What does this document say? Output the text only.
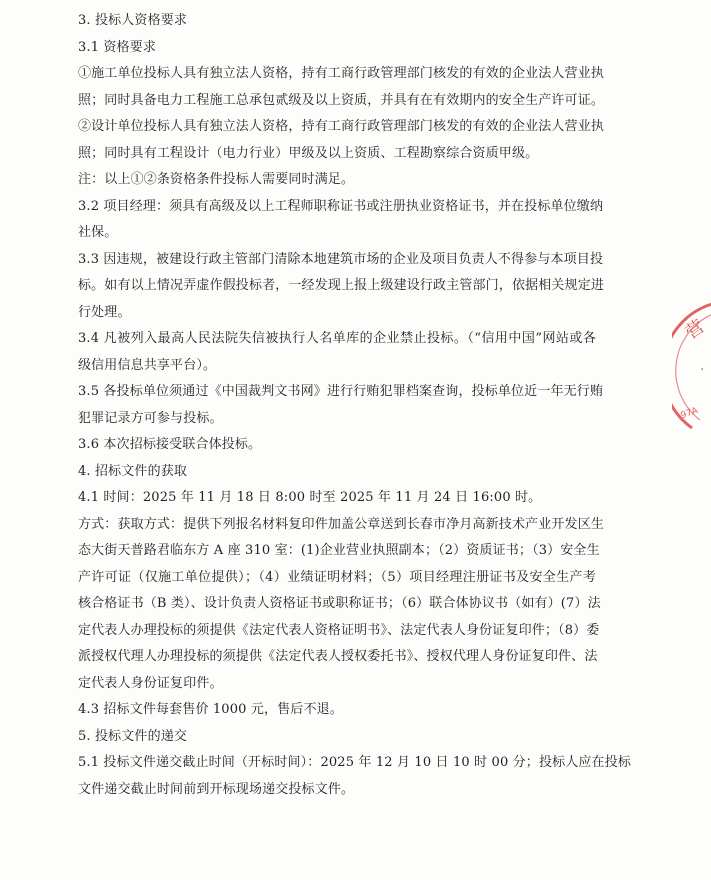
3. 投标人资格要求
3.1 资格要求
①施工单位投标人具有独立法人资格，持有工商行政管理部门核发的有效的企业法人营业执
照；同时具备电力工程施工总承包贰级及以上资质，并具有在有效期内的安全生产许可证。
②设计单位投标人具有独立法人资格，持有工商行政管理部门核发的有效的企业法人营业执
照；同时具有工程设计（电力行业）甲级及以上资质、工程勘察综合资质甲级。
注：以上①②条资格条件投标人需要同时满足。
3.2 项目经理：须具有高级及以上工程师职称证书或注册执业资格证书，并在投标单位缴纳
社保。
3.3 因违规，被建设行政主管部门清除本地建筑市场的企业及项目负责人不得参与本项目投
标。如有以上情况弄虚作假投标者，一经发现上报上级建设行政主管部门，依据相关规定进
行处理。
3.4 凡被列入最高人民法院失信被执行人名单库的企业禁止投标。（“信用中国”网站或各
级信用信息共享平台）。
3.5 各投标单位须通过《中国裁判文书网》进行行贿犯罪档案查询，投标单位近一年无行贿
犯罪记录方可参与投标。
3.6 本次招标接受联合体投标。
4. 招标文件的获取
4.1 时间：2025 年 11 月 18 日 8:00 时至 2025 年 11 月 24 日 16:00 时。
方式：获取方式：提供下列报名材料复印件加盖公章送到长春市净月高新技术产业开发区生
态大街天普路君临东方 A 座 310 室：(1)企业营业执照副本；（2）资质证书；（3）安全生
产许可证（仅施工单位提供）；（4）业绩证明材料；（5）项目经理注册证书及安全生产考
核合格证书（B 类）、设计负责人资格证书或职称证书；（6）联合体协议书（如有）(7）法
定代表人办理投标的须提供《法定代表人资格证明书》、法定代表人身份证复印件；（8）委
派授权代理人办理投标的须提供《法定代表人授权委托书》、授权代理人身份证复印件、法
定代表人身份证复印件。
4.3 招标文件每套售价 1000 元，售后不退。
5. 投标文件的递交
5.1 投标文件递交截止时间（开标时间）：2025 年 12 月 10 日 10 时 00 分；投标人应在投标
文件递交截止时间前到开标现场递交投标文件。
营
·
97A
